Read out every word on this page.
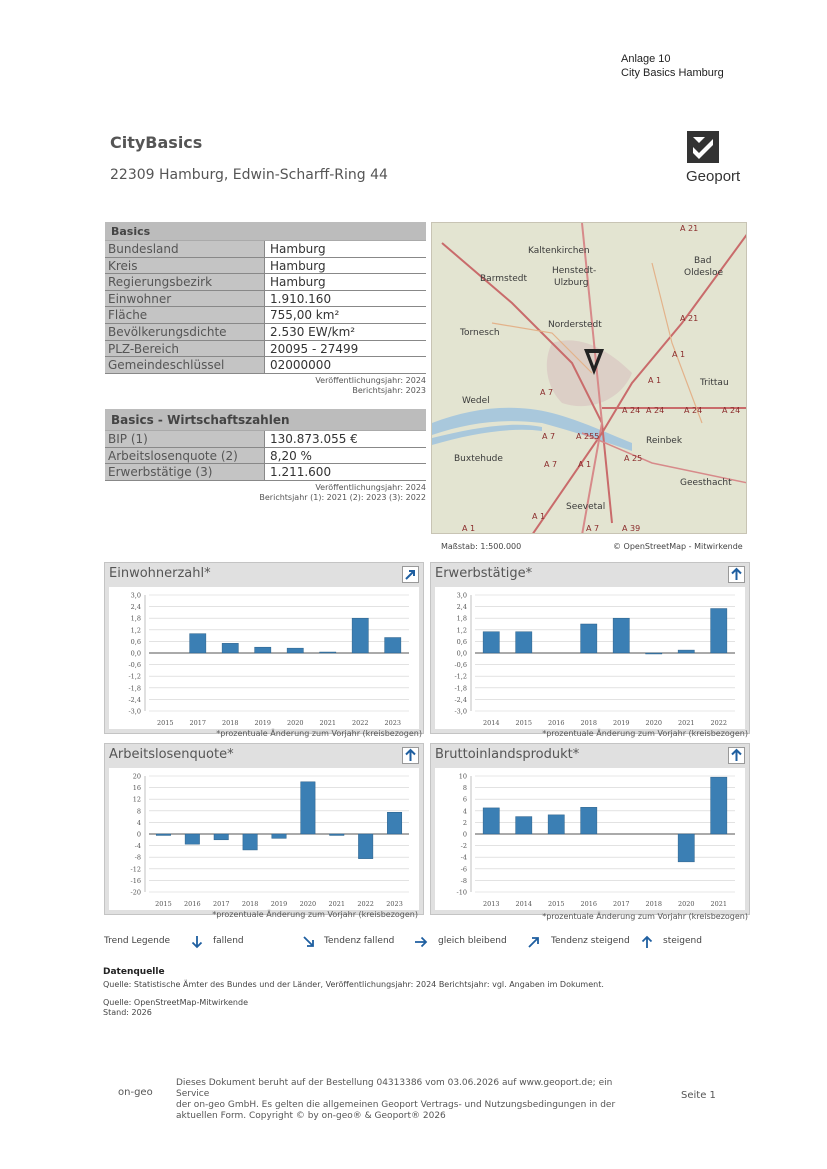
Anlage 10
City Basics Hamburg
CityBasics
22309 Hamburg, Edwin-Scharff-Ring 44	Geoport
Basics
Bundesland	Hamburg
Kreis	Hamburg
Regierungsbezirk	Hamburg
Einwohner	1.910.160
Fläche	755,00 km²
Bevölkerungsdichte	2.530 EW/km²
PLZ-Bereich	20095 - 27499
Gemeindeschlüssel	02000000
Veröffentlichungsjahr: 2024
Berichtsjahr: 2023
Basics - Wirtschaftszahlen
BIP (1)	130.873.055 €
Arbeitslosenquote (2)	8,20 %
Erwerbstätige (3)	1.211.600
Veröffentlichungsjahr: 2024
Berichtsjahr (1): 2021 (2): 2023 (3): 2022
Kaltenkirchen
Barmstedt
Henstedt-
Ulzburg
Bad
Oldesloe
Tornesch
Norderstedt
Trittau
Wedel
Reinbek
Buxtehude
Geesthacht
Seevetal
A 21
A 21
A 1
A 1
A 7
A 24 A 24 A 24 A 24
A 7	A 255
A 7	A 1
A 25
A 1
A 1	A 7	A 39
Maßstab: 1:500.000	© OpenStreetMap - Mitwirkende
Einwohnerzahl*
3,0
2,4
1,8
1,2
0,6
0,0
-0,6
-1,2
-1,8
-2,4
-3,0
2015 2017 2018 2019 2020 2021 2022 2023
*prozentuale Änderung zum Vorjahr (kreisbezogen)
Erwerbstätige*
3,0
2,4
1,8
1,2
0,6
0,0
-0,6
-1,2
-1,8
-2,4
-3,0
2014 2015 2016 2018 2019 2020 2021 2022
*prozentuale Änderung zum Vorjahr (kreisbezogen)
Arbeitslosenquote*
20
16
12
8
4
0
-4
-8
-12
-16
-20
2015 2016 2017 2018 2019 2020 2021 2022 2023
*prozentuale Änderung zum Vorjahr (kreisbezogen)
Bruttoinlandsprodukt*
10
8
6
4
2
0
-2
-4
-6
-8
-10
2013 2014 2015 2016 2017 2018 2020 2021
*prozentuale Änderung zum Vorjahr (kreisbezogen)
Trend Legende	fallend	Tendenz fallend	gleich bleibend	Tendenz steigend	steigend
Datenquelle
Quelle: Statistische Ämter des Bundes und der Länder, Veröffentlichungsjahr: 2024 Berichtsjahr: vgl. Angaben im Dokument.
Quelle: OpenStreetMap-Mitwirkende
Stand: 2026
on-geo
Dieses Dokument beruht auf der Bestellung 04313386 vom 03.06.2026 auf www.geoport.de; ein Service
der on-geo GmbH. Es gelten die allgemeinen Geoport Vertrags- und Nutzungsbedingungen in der
aktuellen Form. Copyright © by on-geo® & Geoport® 2026
Seite 1
